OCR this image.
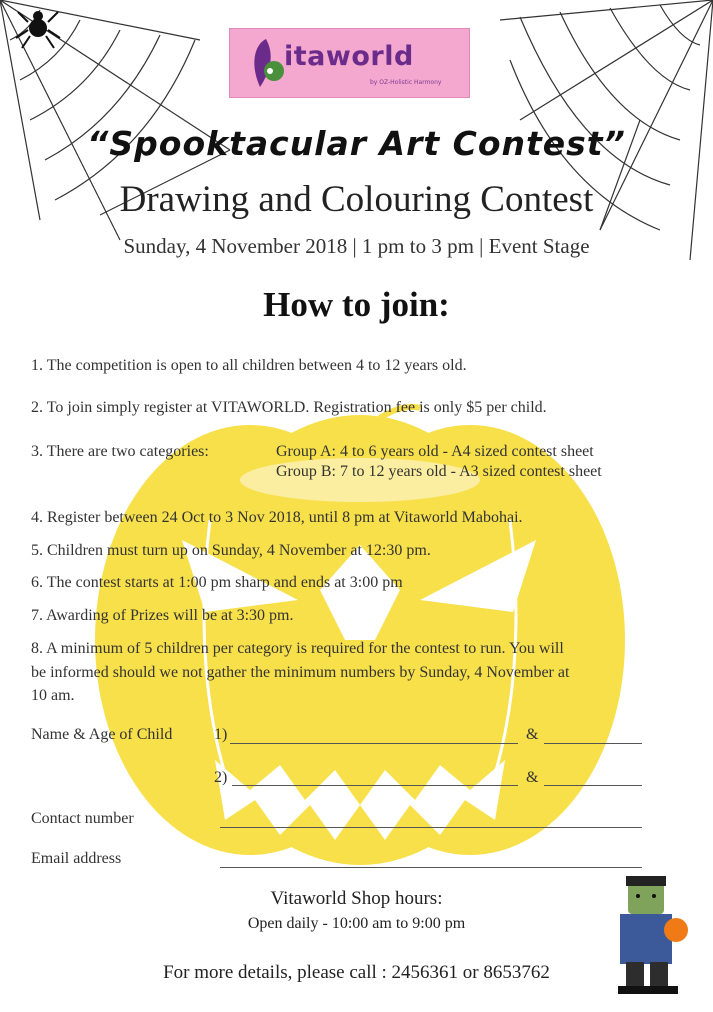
itaworld
by OZ-Holistic Harmony
“Spooktacular Art Contest”
Drawing and Colouring Contest
Sunday, 4 November 2018 | 1 pm to 3 pm | Event Stage
How to join:
1. The competition is open to all children between 4 to 12 years old.
2. To join simply register at VITAWORLD. Registration fee is only $5 per child.
3. There are two categories:	Group A: 4 to 6 years old - A4 sized contest sheet
Group B: 7 to 12 years old - A3 sized contest sheet
4. Register between 24 Oct to 3 Nov 2018, until 8 pm at Vitaworld Mabohai.
5. Children must turn up on Sunday, 4 November at 12:30 pm.
6. The contest starts at 1:00 pm sharp and ends at 3:00 pm
7. Awarding of Prizes will be at 3:30 pm.
8. A minimum of 5 children per category is required for the contest to run. You will
be informed should we not gather the minimum numbers by Sunday, 4 November at
10 am.
Name & Age of Child	1)	&
2)	&
Contact number
Email address
Vitaworld Shop hours:
Open daily - 10:00 am to 9:00 pm
For more details, please call : 2456361 or 8653762
